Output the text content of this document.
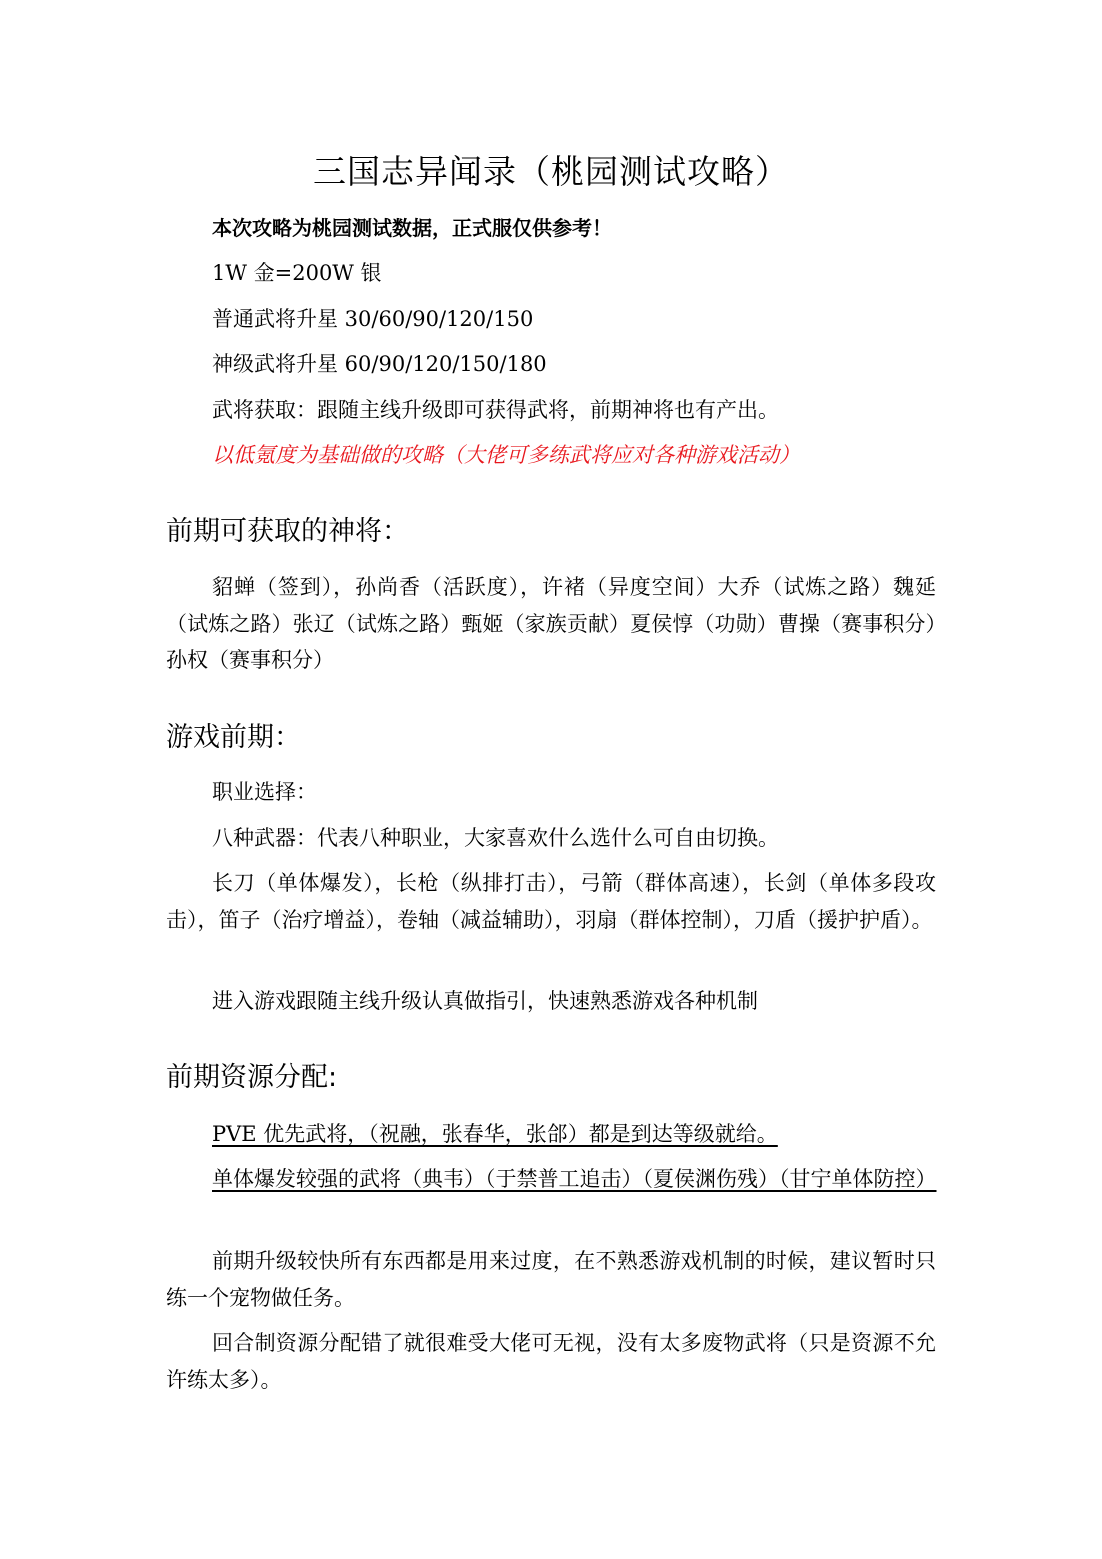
三国志异闻录（桃园测试攻略）
本次攻略为桃园测试数据，正式服仅供参考！
1W 金=200W 银
普通武将升星 30/60/90/120/150
神级武将升星 60/90/120/150/180
武将获取：跟随主线升级即可获得武将，前期神将也有产出。
以低氪度为基础做的攻略（大佬可多练武将应对各种游戏活动）
前期可获取的神将：

貂蝉（签到），孙尚香（活跃度），许褚（异度空间）大乔（试炼之路）魏延（试炼之路）张辽（试炼之路）甄姬（家族贡献）夏侯惇（功勋）曹操（赛事积分）孙权（赛事积分）

游戏前期：
职业选择：
八种武器：代表八种职业，大家喜欢什么选什么可自由切换。

长刀（单体爆发），长枪（纵排打击），弓箭（群体高速），长剑（单体多段攻击），笛子（治疗增益），卷轴（减益辅助），羽扇（群体控制），刀盾（援护护盾）。

进入游戏跟随主线升级认真做指引，快速熟悉游戏各种机制
前期资源分配:

PVE 优先武将，（祝融，张春华，张郃）都是到达等级就给。

单体爆发较强的武将（典韦）（于禁普工追击）（夏侯渊伤残）（甘宁单体防控）

前期升级较快所有东西都是用来过度，在不熟悉游戏机制的时候，建议暂时只练一个宠物做任务。

回合制资源分配错了就很难受大佬可无视，没有太多废物武将（只是资源不允许练太多）。
